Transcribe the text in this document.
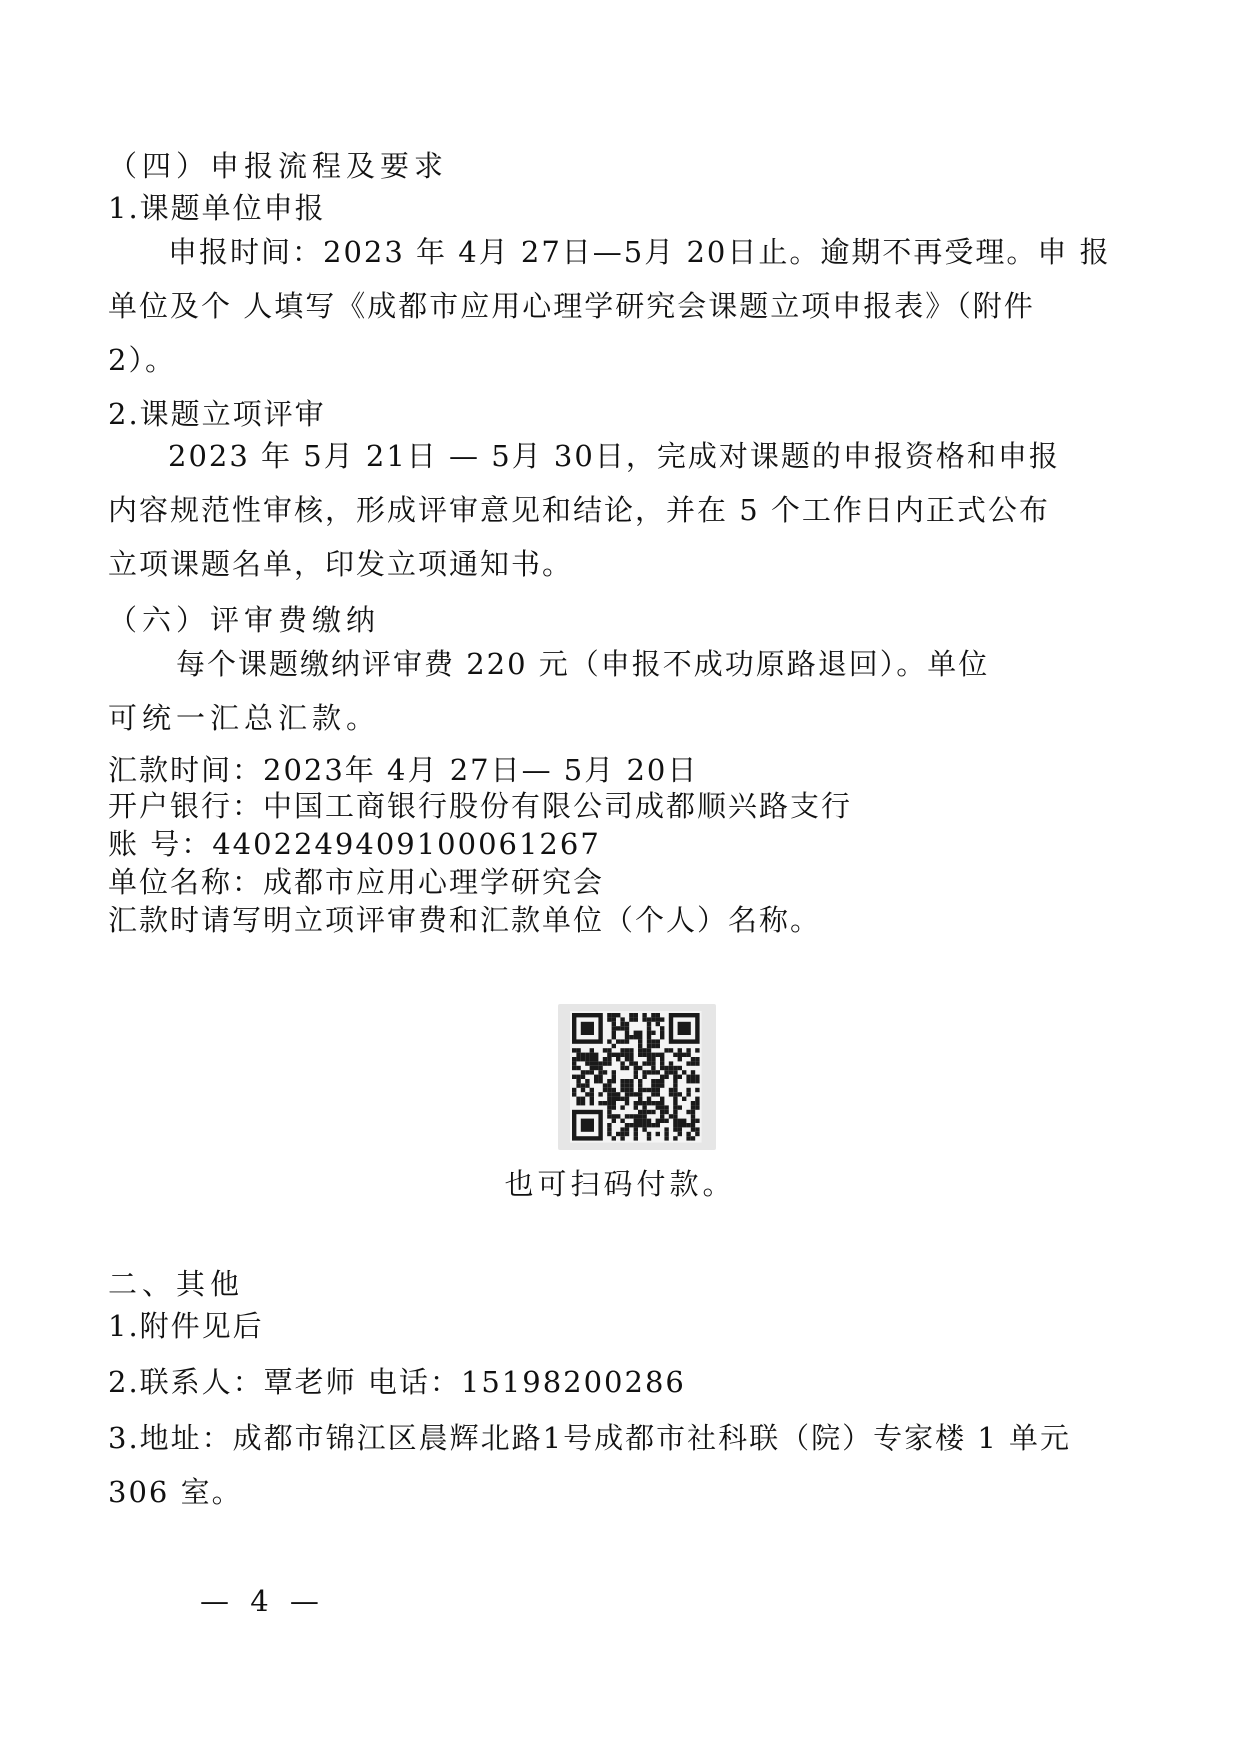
（四）申报流程及要求
1.课题单位申报
申报时间：2023 年 4月 27日—5月 20日止。逾期不再受理。申 报
单位及个 人填写《成都市应用心理学研究会课题立项申报表》（附件
2）。
2.课题立项评审
2023 年 5月 21日 — 5月 30日，完成对课题的申报资格和申报
内容规范性审核，形成评审意见和结论，并在 5 个工作日内正式公布
立项课题名单，印发立项通知书。
（六）评审费缴纳
每个课题缴纳评审费 220 元（申报不成功原路退回）。单位
可统一汇总汇款。
汇款时间：2023年 4月 27日— 5月 20日
开户银行：中国工商银行股份有限公司成都顺兴路支行
账 号：4402249409100061267
单位名称：成都市应用心理学研究会
汇款时请写明立项评审费和汇款单位（个人）名称。
也可扫码付款。
二、其他
1.附件见后
2.联系人：覃老师 电话：15198200286
3.地址：成都市锦江区晨辉北路1号成都市社科联（院）专家楼 1 单元
306 室。
— 4 —
